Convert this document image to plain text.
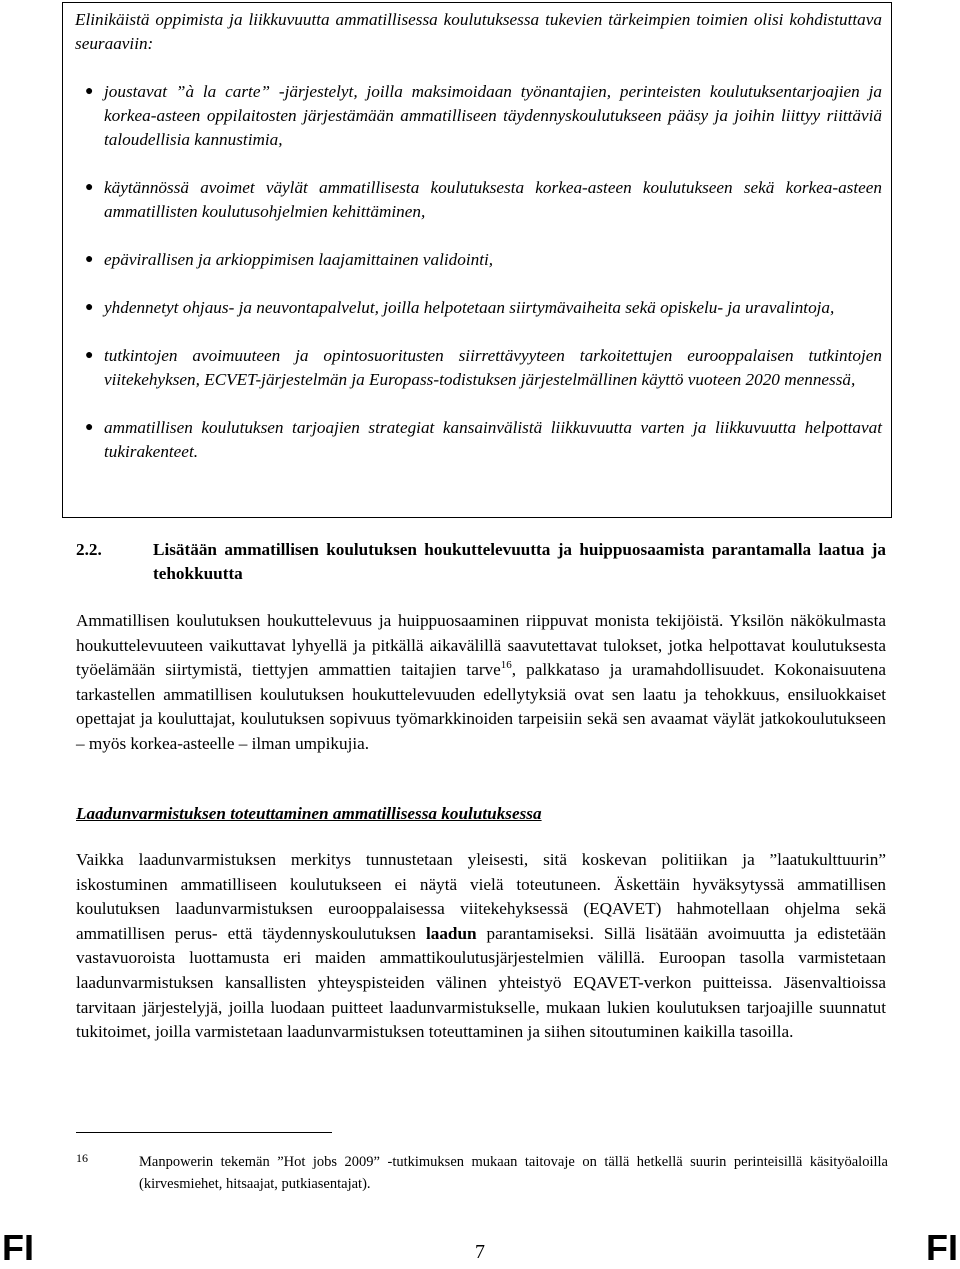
Elinikäistä oppimista ja liikkuvuutta ammatillisessa koulutuksessa tukevien tärkeimpien toimien olisi kohdistuttava seuraaviin:

● joustavat ”à la carte” -järjestelyt, joilla maksimoidaan työnantajien, perinteisten koulutuksentarjoajien ja korkea-asteen oppilaitosten järjestämään ammatilliseen täydennyskoulutukseen pääsy ja joihin liittyy riittäviä taloudellisia kannustimia,
● käytännössä avoimet väylät ammatillisesta koulutuksesta korkea-asteen koulutukseen sekä korkea-asteen ammatillisten koulutusohjelmien kehittäminen,
● epävirallisen ja arkioppimisen laajamittainen validointi,
● yhdennetyt ohjaus- ja neuvontapalvelut, joilla helpotetaan siirtymävaiheita sekä opiskelu- ja uravalintoja,
● tutkintojen avoimuuteen ja opintosuoritusten siirrettävyyteen tarkoitettujen eurooppalaisen tutkintojen viitekehyksen, ECVET-järjestelmän ja Europass-todistuksen järjestelmällinen käyttö vuoteen 2020 mennessä,
● ammatillisen koulutuksen tarjoajien strategiat kansainvälistä liikkuvuutta varten ja liikkuvuutta helpottavat tukirakenteet.
2.2.	Lisätään ammatillisen koulutuksen houkuttelevuutta ja huippuosaamista parantamalla laatua ja tehokkuutta

Ammatillisen koulutuksen houkuttelevuus ja huippuosaaminen riippuvat monista tekijöistä. Yksilön näkökulmasta houkuttelevuuteen vaikuttavat lyhyellä ja pitkällä aikavälillä saavutettavat tulokset, jotka helpottavat koulutuksesta työelämään siirtymistä, tiettyjen ammattien taitajien tarve$^{16}$, palkkataso ja uramahdollisuudet. Kokonaisuutena tarkastellen ammatillisen koulutuksen houkuttelevuuden edellytyksiä ovat sen laatu ja tehokkuus, ensiluokkaiset opettajat ja kouluttajat, koulutuksen sopivuus työmarkkinoiden tarpeisiin sekä sen avaamat väylät jatkokoulutukseen – myös korkea-asteelle – ilman umpikujia.

Laadunvarmistuksen toteuttaminen ammatillisessa koulutuksessa

Vaikka laadunvarmistuksen merkitys tunnustetaan yleisesti, sitä koskevan politiikan ja ”laatukulttuurin” iskostuminen ammatilliseen koulutukseen ei näytä vielä toteutuneen. Äskettäin hyväksytyssä ammatillisen koulutuksen laadunvarmistuksen eurooppalaisessa viitekehyksessä (EQAVET) hahmotellaan ohjelma sekä ammatillisen perus- että täydennyskoulutuksen laadun parantamiseksi. Sillä lisätään avoimuutta ja edistetään vastavuoroista luottamusta eri maiden ammattikoulutusjärjestelmien välillä. Euroopan tasolla varmistetaan laadunvarmistuksen kansallisten yhteyspisteiden välinen yhteistyö EQAVET-verkon puitteissa. Jäsenvaltioissa tarvitaan järjestelyjä, joilla luodaan puitteet laadunvarmistukselle, mukaan lukien koulutuksen tarjoajille suunnatut tukitoimet, joilla varmistetaan laadunvarmistuksen toteuttaminen ja siihen sitoutuminen kaikilla tasoilla.

16	Manpowerin tekemän ”Hot jobs 2009” -tutkimuksen mukaan taitovaje on tällä hetkellä suurin perinteisillä käsityöaloilla (kirvesmiehet, hitsaajat, putkiasentajat).
FI	7	FI
